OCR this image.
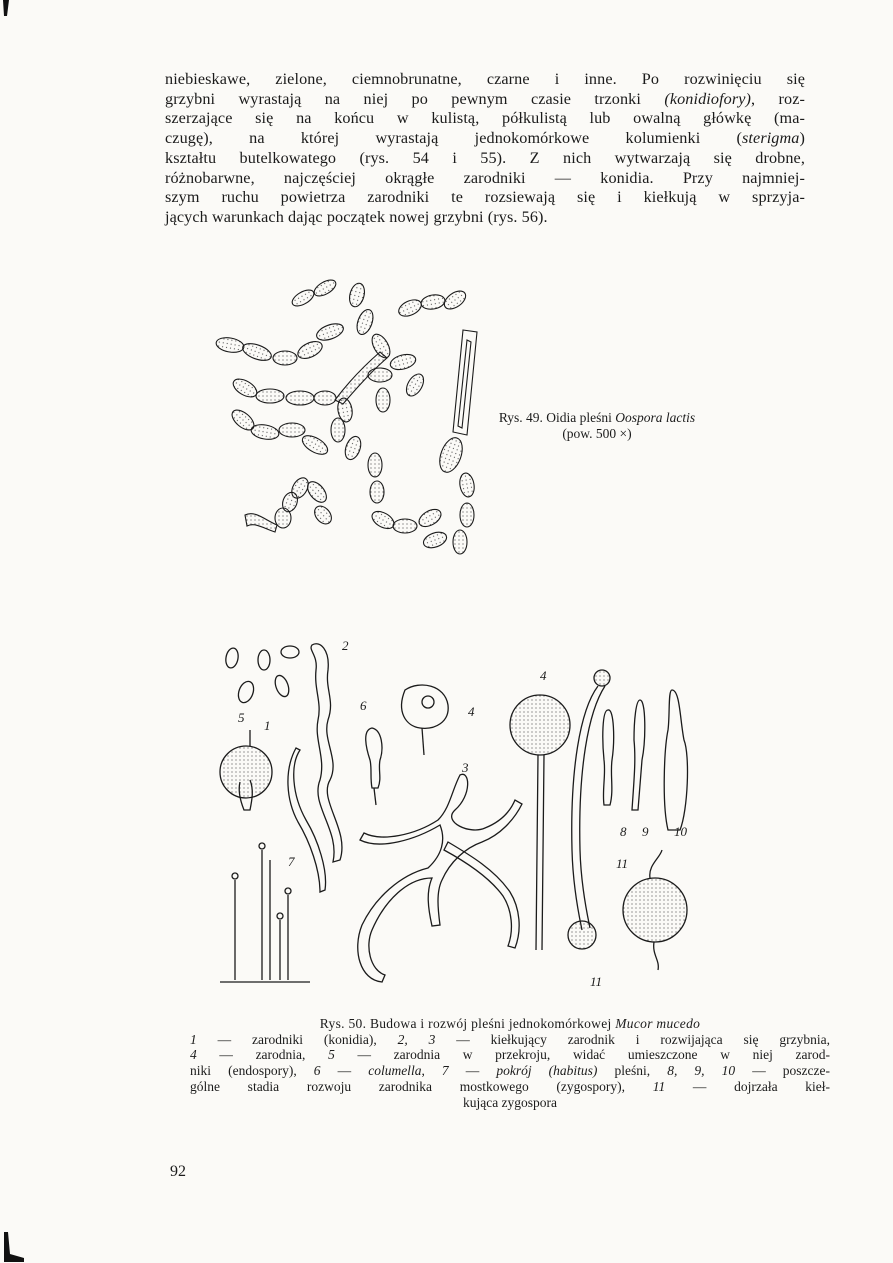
niebieskawe, zielone, ciemnobrunatne, czarne i inne. Po rozwinięciu się
grzybni wyrastają na niej po pewnym czasie trzonki (konidiofory), roz-
szerzające się na końcu w kulistą, półkulistą lub owalną główkę (ma-
czugę), na której wyrastają jednokomórkowe kolumienki (sterigma)
kształtu butelkowatego (rys. 54 i 55). Z nich wytwarzają się drobne,
różnobarwne, najczęściej okrągłe zarodniki — konidia. Przy najmniej-
szym ruchu powietrza zarodniki te rozsiewają się i kiełkują w sprzyja-
jących warunkach dając początek nowej grzybni (rys. 56).
Rys. 49. Oidia pleśni Oospora lactis
(pow. 500 ×)
1
2
3
4
4
5
6
7
8 9 10
11
11
Rys. 50. Budowa i rozwój pleśni jednokomórkowej Mucor mucedo
1 — zarodniki (konidia), 2, 3 — kiełkujący zarodnik i rozwijająca się grzybnia,
4 — zarodnia, 5 — zarodnia w przekroju, widać umieszczone w niej zarod-
niki (endospory), 6 — columella, 7 — pokrój (habitus) pleśni, 8, 9, 10 — poszcze-
gólne stadia rozwoju zarodnika mostkowego (zygospory), 11 — dojrzała kieł-
kująca zygospora
92
